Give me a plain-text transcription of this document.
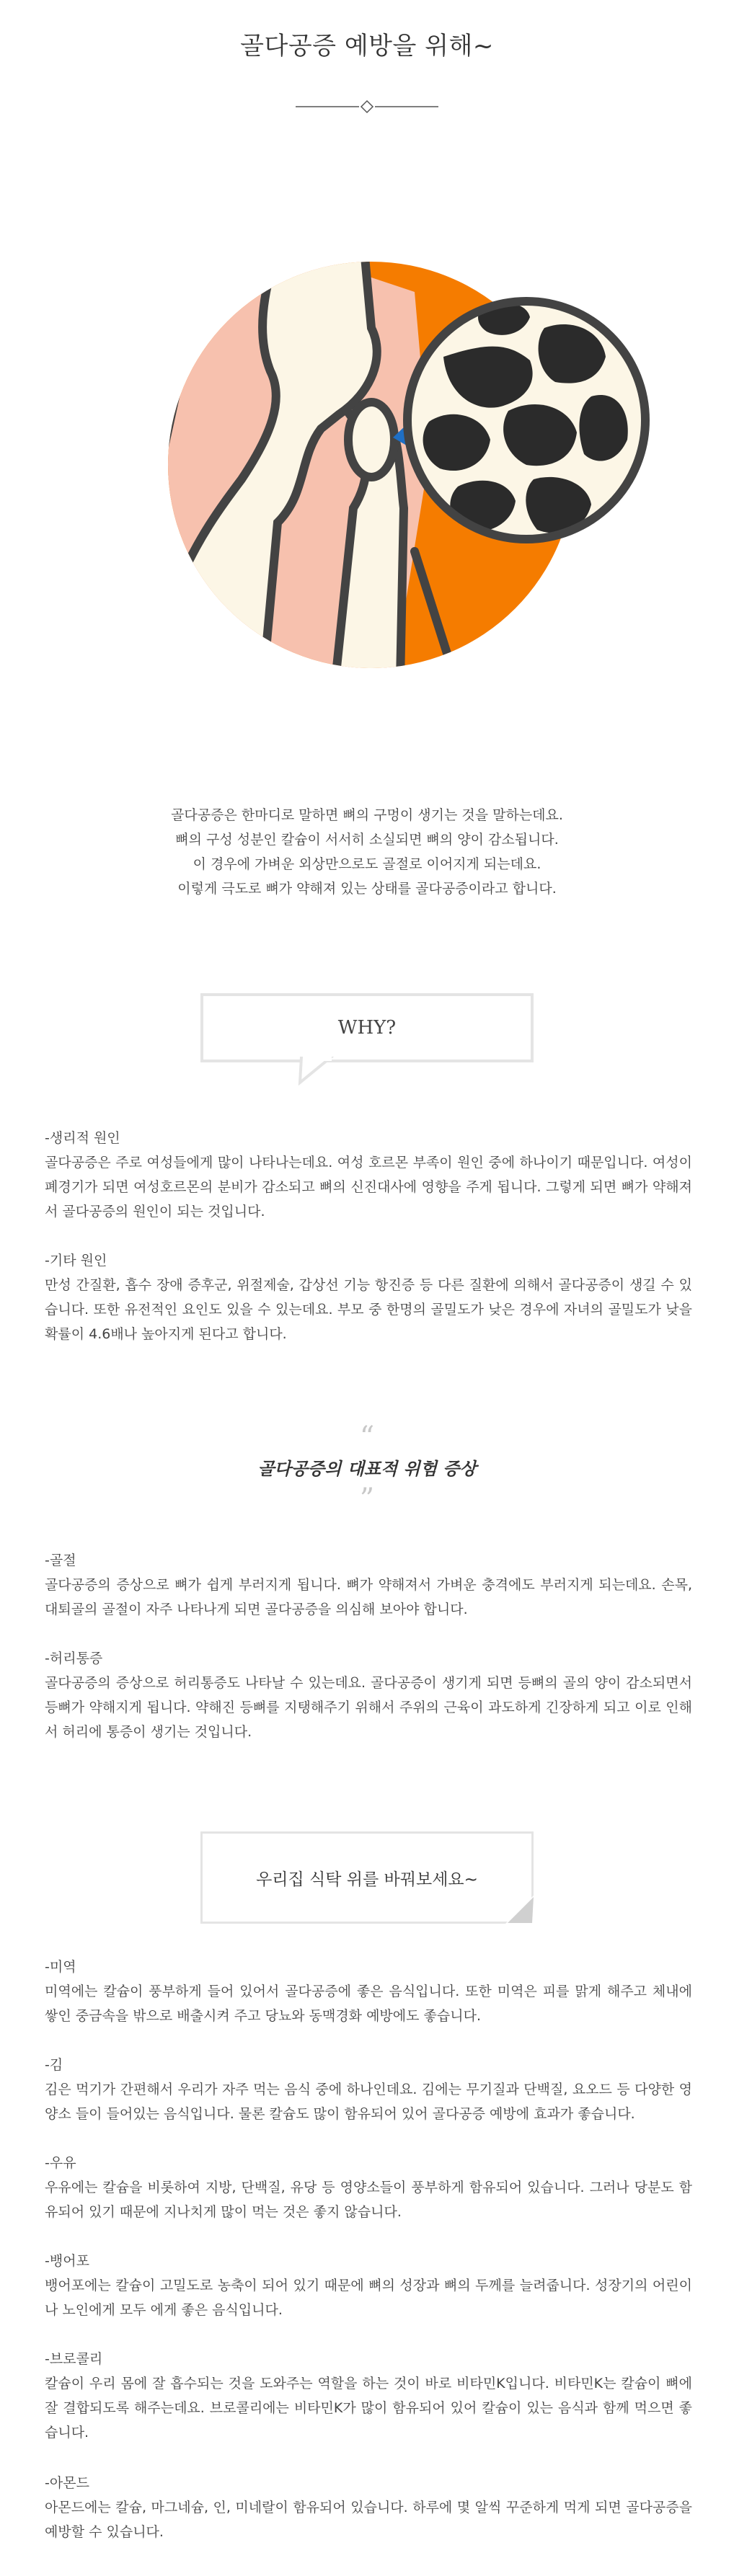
골다공증 예방을 위해~

골다공증은 한마디로 말하면 뼈의 구멍이 생기는 것을 말하는데요.

뼈의 구성 성분인 칼슘이 서서히 소실되면 뼈의 양이 감소됩니다.

이 경우에 가벼운 외상만으로도 골절로 이어지게 되는데요.

이렇게 극도로 뼈가 약해져 있는 상태를 골다공증이라고 합니다.

WHY?

-생리적 원인

골다공증은 주로 여성들에게 많이 나타나는데요. 여성 호르몬 부족이 원인 중에 하나이기 때문입니다. 여성이 폐경기가 되면 여성호르몬의 분비가 감소되고 뼈의 신진대사에 영향을 주게 됩니다. 그렇게 되면 뼈가 약해져서 골다공증의 원인이 되는 것입니다.

-기타 원인

만성 간질환, 흡수 장애 증후군, 위절제술, 갑상선 기능 항진증 등 다른 질환에 의해서 골다공증이 생길 수 있습니다. 또한 유전적인 요인도 있을 수 있는데요. 부모 중 한명의 골밀도가 낮은 경우에 자녀의 골밀도가 낮을 확률이 4.6배나 높아지게 된다고 합니다.

“
골다공증의 대표적 위험 증상
”

-골절

골다공증의 증상으로 뼈가 쉽게 부러지게 됩니다. 뼈가 약해져서 가벼운 충격에도 부러지게 되는데요. 손목, 대퇴골의 골절이 자주 나타나게 되면 골다공증을 의심해 보아야 합니다.

-허리통증

골다공증의 증상으로 허리통증도 나타날 수 있는데요. 골다공증이 생기게 되면 등뼈의 골의 양이 감소되면서 등뼈가 약해지게 됩니다. 약해진 등뼈를 지탱해주기 위해서 주위의 근육이 과도하게 긴장하게 되고 이로 인해서 허리에 통증이 생기는 것입니다.

우리집 식탁 위를 바꿔보세요~

-미역

미역에는 칼슘이 풍부하게 들어 있어서 골다공증에 좋은 음식입니다. 또한 미역은 피를 맑게 해주고 체내에 쌓인 중금속을 밖으로 배출시켜 주고 당뇨와 동맥경화 예방에도 좋습니다.

-김

김은 먹기가 간편해서 우리가 자주 먹는 음식 중에 하나인데요. 김에는 무기질과 단백질, 요오드 등 다양한 영양소 들이 들어있는 음식입니다. 물론 칼슘도 많이 함유되어 있어 골다공증 예방에 효과가 좋습니다.

-우유

우유에는 칼슘을 비롯하여 지방, 단백질, 유당 등 영양소들이 풍부하게 함유되어 있습니다. 그러나 당분도 함유되어 있기 때문에 지나치게 많이 먹는 것은 좋지 않습니다.

-뱅어포

뱅어포에는 칼슘이 고밀도로 농축이 되어 있기 때문에 뼈의 성장과 뼈의 두께를 늘려줍니다. 성장기의 어린이나 노인에게 모두 에게 좋은 음식입니다.

-브로콜리

칼슘이 우리 몸에 잘 흡수되는 것을 도와주는 역할을 하는 것이 바로 비타민K입니다. 비타민K는 칼슘이 뼈에 잘 결합되도록 해주는데요. 브로콜리에는 비타민K가 많이 함유되어 있어 칼슘이 있는 음식과 함께 먹으면 좋습니다.

-아몬드

아몬드에는 칼슘, 마그네슘, 인, 미네랄이 함유되어 있습니다. 하루에 몇 알씩 꾸준하게 먹게 되면 골다공증을 예방할 수 있습니다.
